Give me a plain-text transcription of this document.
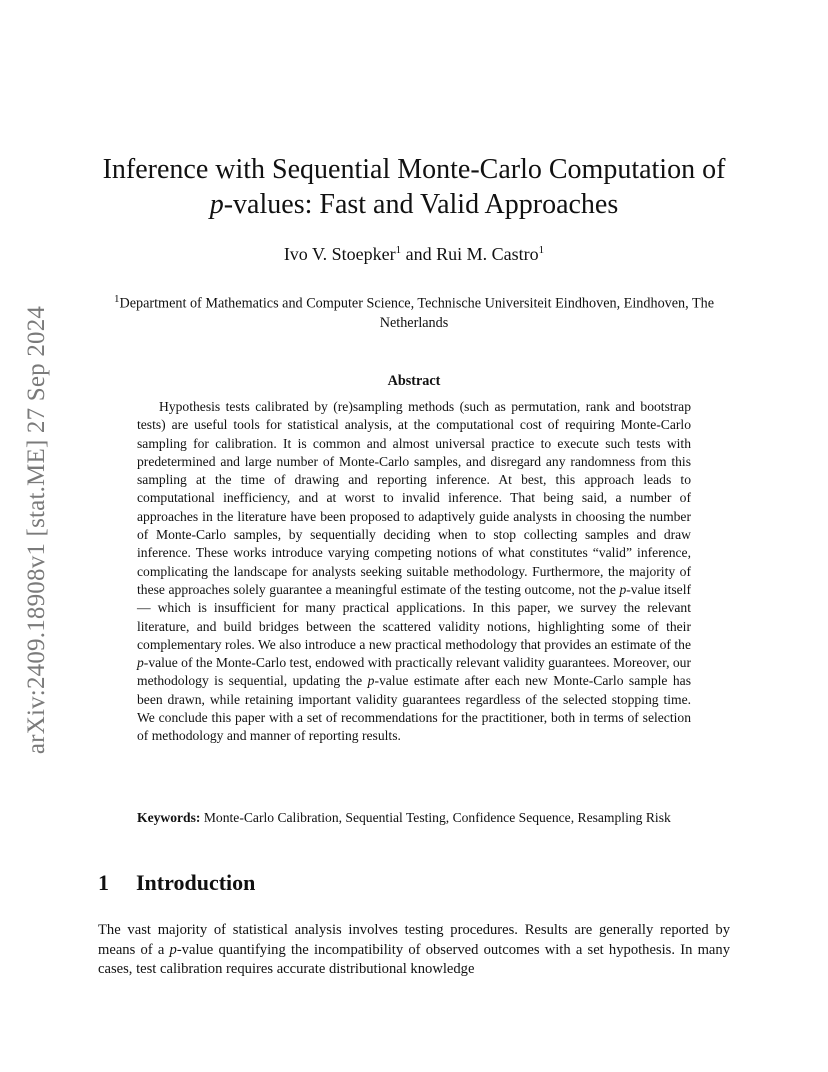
arXiv:2409.18908v1 [stat.ME] 27 Sep 2024
Inference with Sequential Monte-Carlo Computation of
p-values: Fast and Valid Approaches
Ivo V. Stoepker$^1$ and Rui M. Castro$^1$
$^1$Department of Mathematics and Computer Science, Technische Universiteit Eindhoven, Eindhoven, The Netherlands
Abstract

Hypothesis tests calibrated by (re)sampling methods (such as permutation, rank and bootstrap tests) are useful tools for statistical analysis, at the computational cost of requiring Monte-Carlo sampling for calibration. It is common and almost universal practice to execute such tests with predetermined and large number of Monte-Carlo samples, and disregard any randomness from this sampling at the time of drawing and reporting inference. At best, this approach leads to computational inefficiency, and at worst to invalid inference. That being said, a number of approaches in the literature have been proposed to adaptively guide analysts in choosing the number of Monte-Carlo samples, by sequentially deciding when to stop collecting samples and draw inference. These works introduce varying competing notions of what constitutes “valid” inference, complicating the landscape for analysts seeking suitable methodology. Furthermore, the majority of these approaches solely guarantee a meaningful estimate of the testing outcome, not the p-value itself — which is insufficient for many practical applications. In this paper, we survey the relevant literature, and build bridges between the scattered validity notions, highlighting some of their complementary roles. We also introduce a new practical methodology that provides an estimate of the p-value of the Monte-Carlo test, endowed with practically relevant validity guarantees. Moreover, our methodology is sequential, updating the p-value estimate after each new Monte-Carlo sample has been drawn, while retaining important validity guarantees regardless of the selected stopping time. We conclude this paper with a set of recommendations for the practitioner, both in terms of selection of methodology and manner of reporting results.

Keywords: Monte-Carlo Calibration, Sequential Testing, Confidence Sequence, Resampling Risk

1 Introduction

The vast majority of statistical analysis involves testing procedures. Results are generally reported by means of a p-value quantifying the incompatibility of observed outcomes with a set hypothesis. In many cases, test calibration requires accurate distributional knowledge
